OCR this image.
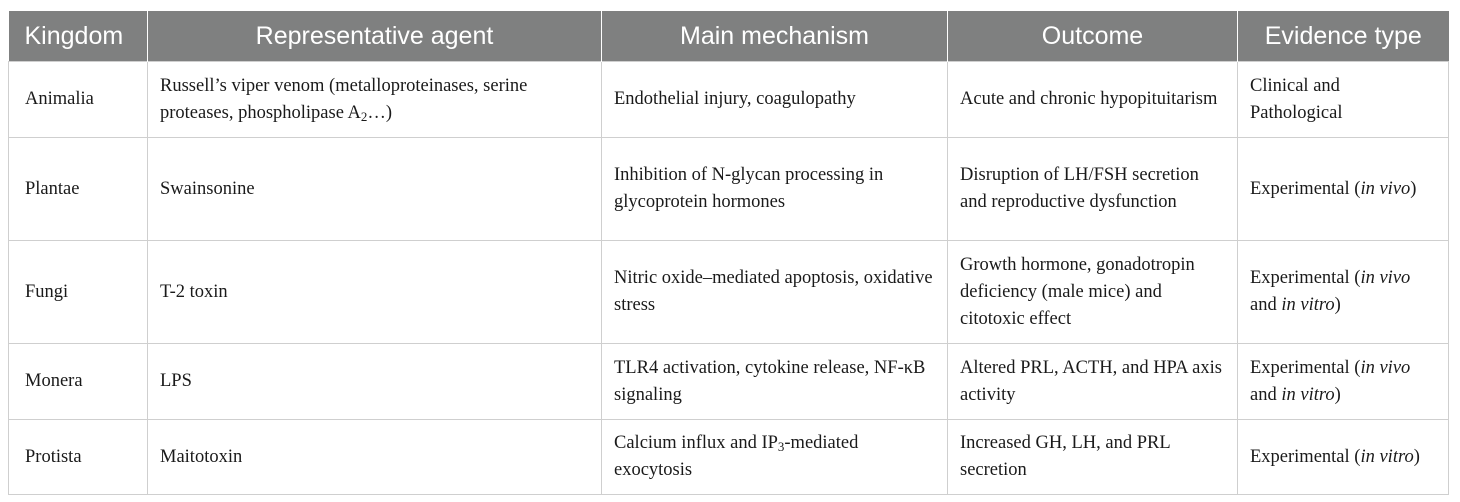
Kingdom	Representative agent	Main mechanism	Outcome	Evidence type
Animalia	Russell’s viper venom (metalloproteinases, serine proteases, phospholipase $A_2\dots$)	Endothelial injury, coagulopathy	Acute and chronic hypopituitarism	Clinical and Pathological
Plantae	Swainsonine	Inhibition of N-glycan processing in glycoprotein hormones	Disruption of LH/FSH secretion and reproductive dysfunction	Experimental (in vivo)
Fungi	T-2 toxin	Nitric oxide–mediated apoptosis, oxidative stress	Growth hormone, gonadotropin deficiency (male mice) and citotoxic effect	Experimental (in vivo and in vitro)
Monera	LPS	TLR4 activation, cytokine release, NF-κB signaling	Altered PRL, ACTH, and HPA axis activity	Experimental (in vivo and in vitro)
Protista	Maitotoxin	Calcium influx and $IP_3$-mediated exocytosis	Increased GH, LH, and PRL secretion	Experimental (in vitro)
